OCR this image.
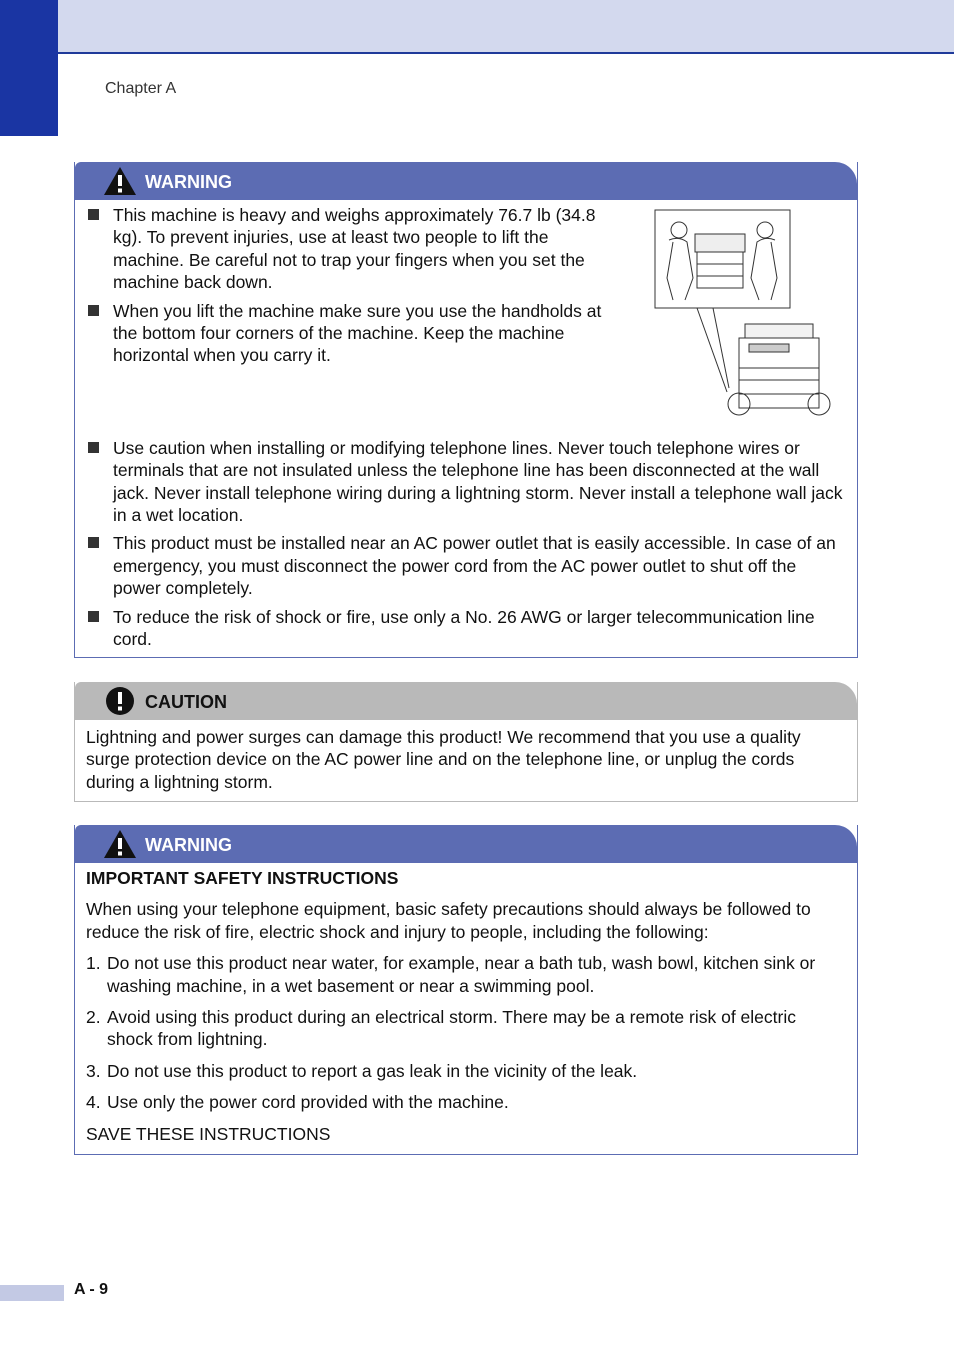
Chapter A
WARNING
This machine is heavy and weighs approximately 76.7 lb (34.8 kg). To prevent injuries, use at least two people to lift the machine. Be careful not to trap your fingers when you set the machine back down.
When you lift the machine make sure you use the handholds at the bottom four corners of the machine. Keep the machine horizontal when you carry it.
Use caution when installing or modifying telephone lines. Never touch telephone wires or terminals that are not insulated unless the telephone line has been disconnected at the wall jack. Never install telephone wiring during a lightning storm. Never install a telephone wall jack in a wet location.
This product must be installed near an AC power outlet that is easily accessible. In case of an emergency, you must disconnect the power cord from the AC power outlet to shut off the power completely.
To reduce the risk of shock or fire, use only a No. 26 AWG or larger telecommunication line cord.
CAUTION
Lightning and power surges can damage this product! We recommend that you use a quality surge protection device on the AC power line and on the telephone line, or unplug the cords during a lightning storm.
WARNING
IMPORTANT SAFETY INSTRUCTIONS
When using your telephone equipment, basic safety precautions should always be followed to reduce the risk of fire, electric shock and injury to people, including the following:
1. Do not use this product near water, for example, near a bath tub, wash bowl, kitchen sink or washing machine, in a wet basement or near a swimming pool.
2. Avoid using this product during an electrical storm. There may be a remote risk of electric shock from lightning.
3. Do not use this product to report a gas leak in the vicinity of the leak.
4. Use only the power cord provided with the machine.
SAVE THESE INSTRUCTIONS
A - 9
